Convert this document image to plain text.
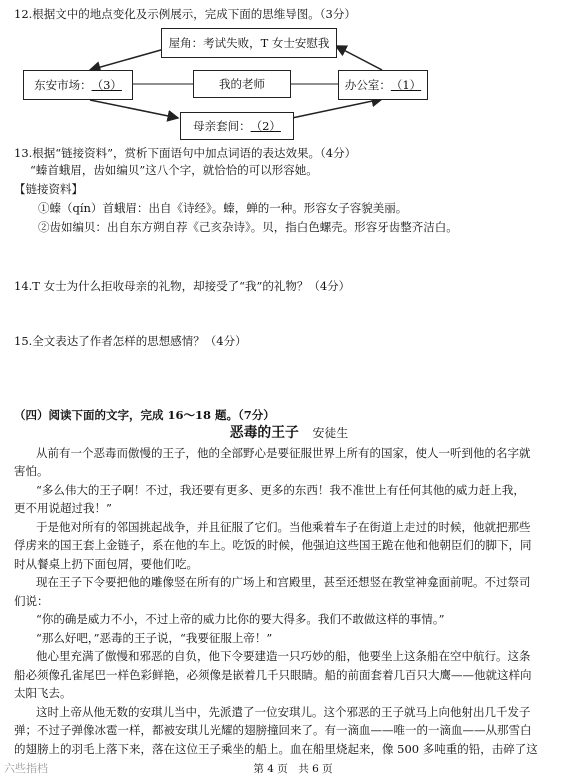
12.根据文中的地点变化及示例展示，完成下面的思维导图。（3分）
屋角：考试失败，T 女士安慰我
我的老师
东安市场： （3）	办公室： （1）
母亲套间： （2）
13.根据“链接资料”，赏析下面语句中加点词语的表达效果。（4分）
“螓首蛾眉，齿如编贝”这八个字，就恰恰的可以形容她。
【链接资料】
①螓（qín）首蛾眉：出自《诗经》。螓，蝉的一种。形容女子容貌美丽。
②齿如编贝：出自东方朔自荐《己亥杂诗》。贝，指白色螺壳。形容牙齿整齐洁白。
14.T 女士为什么拒收母亲的礼物，却接受了“我”的礼物？（4分）
15.全文表达了作者怎样的思想感情？（4分）
（四）阅读下面的文字，完成 16～18 题。（7分）
恶毒的王子 安徒生
从前有一个恶毒而傲慢的王子，他的全部野心是要征服世界上所有的国家，使人一听到他的名字就
害怕。
“多么伟大的王子啊！不过，我还要有更多、更多的东西！我不准世上有任何其他的威力赶上我，
更不用说超过我！”
于是他对所有的邻国挑起战争，并且征服了它们。当他乘着车子在街道上走过的时候，他就把那些
俘虏来的国王套上金链子，系在他的车上。吃饭的时候，他强迫这些国王跪在他和他朝臣们的脚下，同
时从餐桌上扔下面包屑，要他们吃。
现在王子下令要把他的雕像竖在所有的广场上和宫殿里，甚至还想竖在教堂神龛面前呢。不过祭司
们说：
“你的确是威力不小，不过上帝的威力比你的要大得多。我们不敢做这样的事情。”
“那么好吧，”恶毒的王子说，“我要征服上帝！”
他心里充满了傲慢和邪恶的自负，他下令要建造一只巧妙的船，他要坐上这条船在空中航行。这条
船必须像孔雀尾巴一样色彩鲜艳，必须像是嵌着几千只眼睛。船的前面套着几百只大鹰——他就这样向
太阳飞去。
这时上帝从他无数的安琪儿当中，先派遣了一位安琪儿。这个邪恶的王子就马上向他射出几千发子
弹；不过子弹像冰雹一样，都被安琪儿光耀的翅膀撞回来了。有一滴血——唯一的一滴血——从那雪白
的翅膀上的羽毛上落下来，落在这位王子乘坐的船上。血在船里烧起来，像 500 多吨重的铅，击碎了这
第 4 页　共 6 页
六些指档
